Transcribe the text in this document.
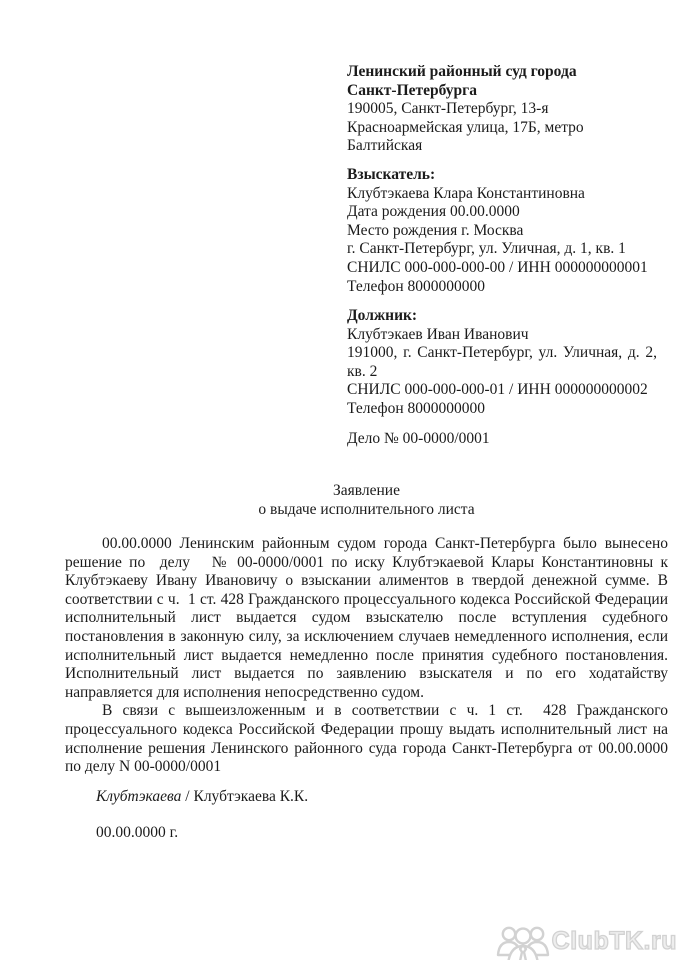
Ленинский районный суд города
Санкт-Петербурга
190005, Санкт-Петербург, 13-я
Красноармейская улица, 17Б, метро
Балтийская
Взыскатель:
Клубтэкаева Клара Константиновна
Дата рождения 00.00.0000
Место рождения г. Москва
г. Санкт-Петербург, ул. Уличная, д. 1, кв. 1
СНИЛС 000-000-000-00 / ИНН 000000000001
Телефон 8000000000
Должник:
Клубтэкаев Иван Иванович
191000, г. Санкт-Петербург, ул. Уличная, д. 2,
кв. 2
СНИЛС 000-000-000-01 / ИНН 000000000002
Телефон 8000000000
Дело № 00-0000/0001
Заявление
о выдаче исполнительного листа
00.00.0000 Ленинским районным судом города Санкт-Петербурга было вынесено
решение по  делу   № 00-0000/0001 по иску Клубтэкаевой Клары Константиновны к
Клубтэкаеву Ивану Ивановичу о взыскании алиментов в твердой денежной сумме. В
соответствии с ч.  1 ст. 428 Гражданского процессуального кодекса Российской Федерации
исполнительный лист выдается судом взыскателю после вступления судебного
постановления в законную силу, за исключением случаев немедленного исполнения, если
исполнительный лист выдается немедленно после принятия судебного постановления.
Исполнительный лист выдается по заявлению взыскателя и по его ходатайству
направляется для исполнения непосредственно судом.
В связи с вышеизложенным и в соответствии с ч. 1 ст.  428 Гражданского
процессуального кодекса Российской Федерации прошу выдать исполнительный лист на
исполнение решения Ленинского районного суда города Санкт-Петербурга от 00.00.0000
по делу N 00-0000/0001
Клубтэкаева / Клубтэкаева К.К.
00.00.0000 г.
ClubTK.ru
